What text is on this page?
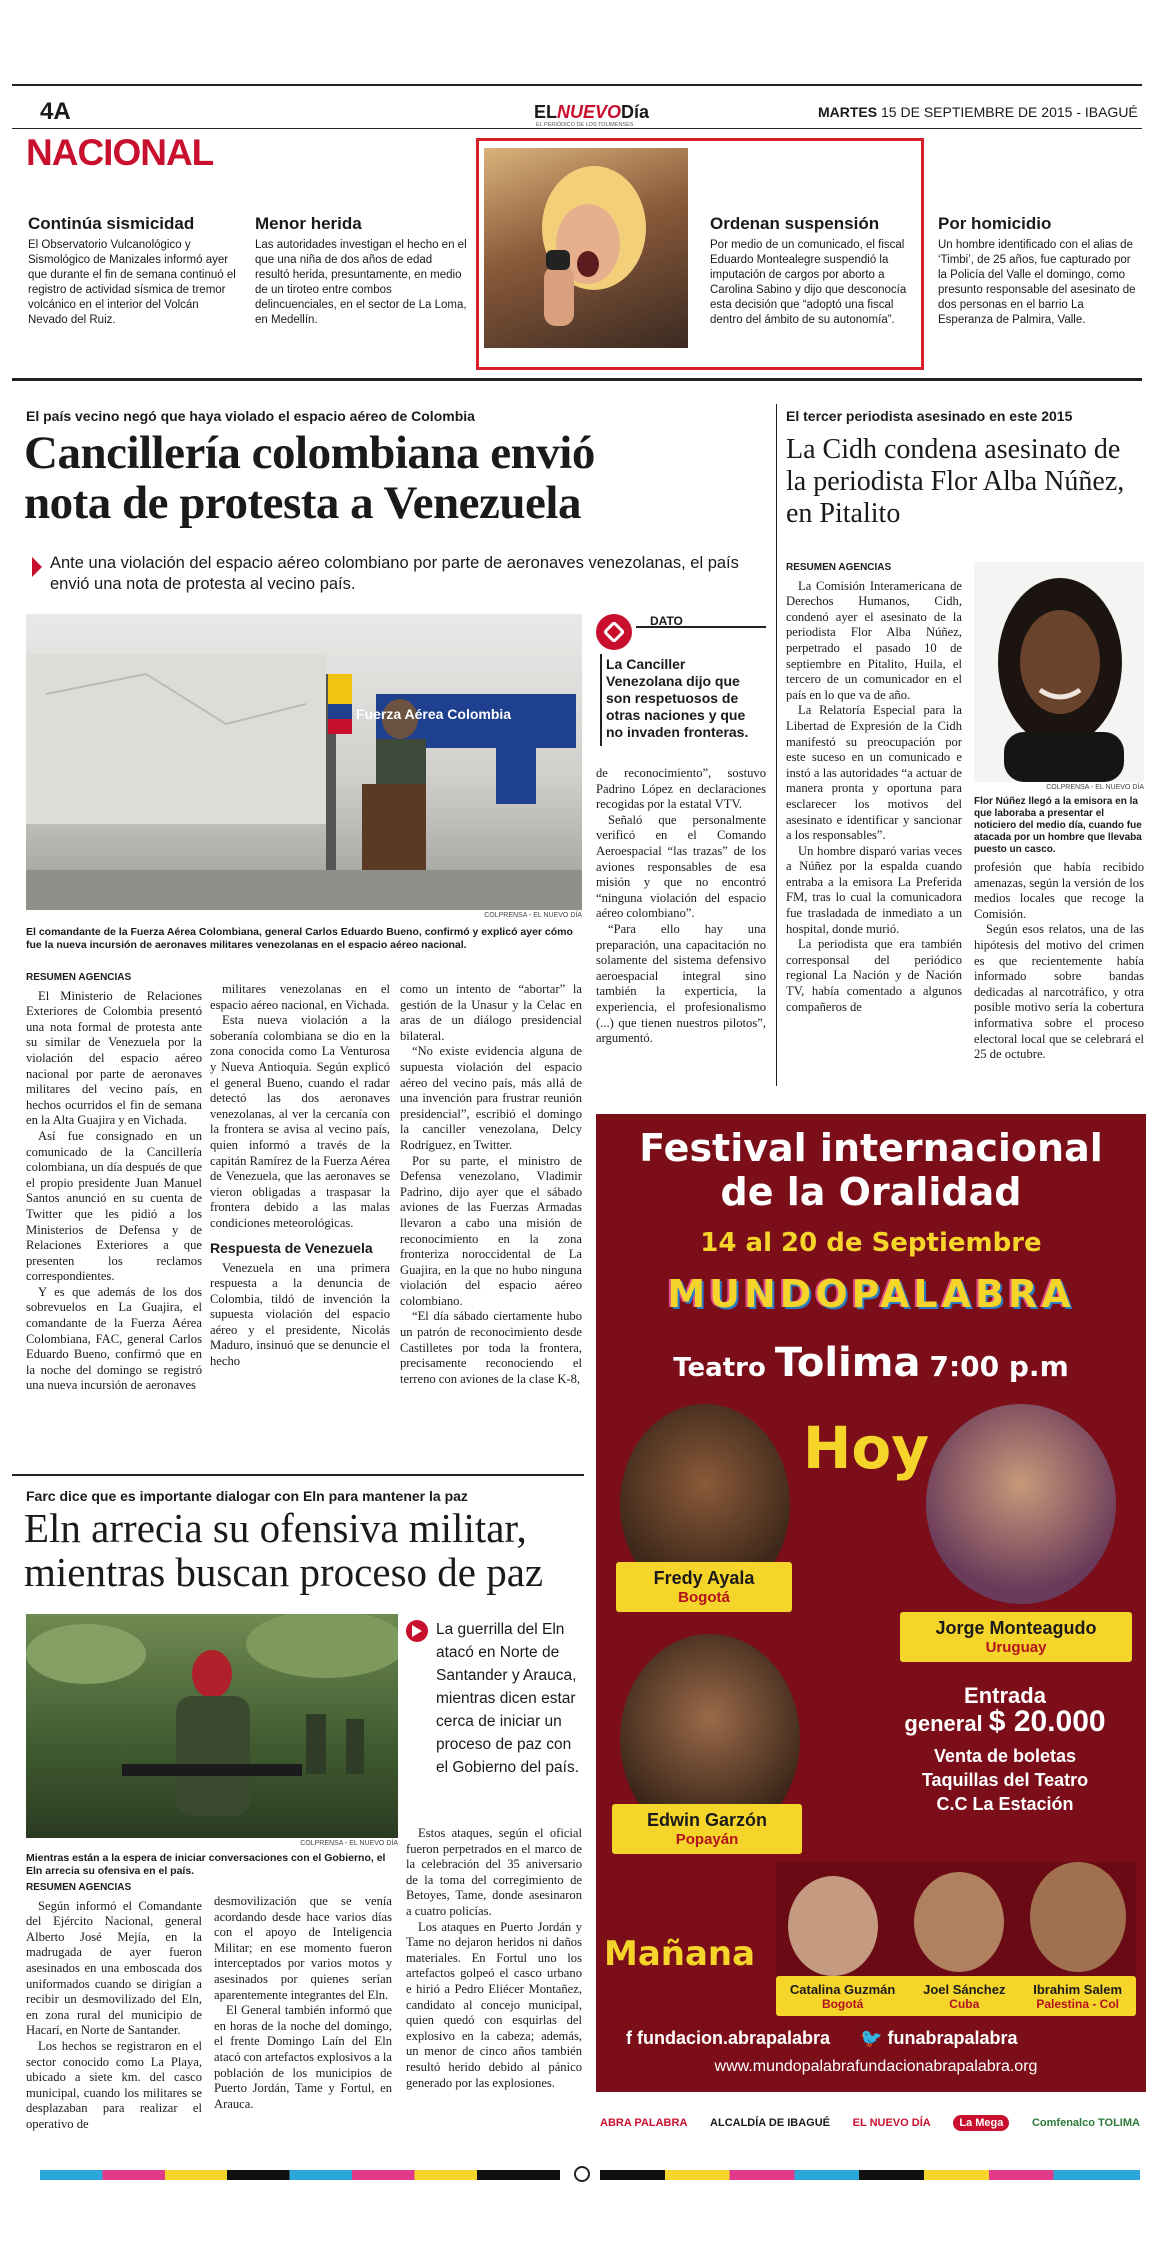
4A	ELNUEVODía
EL PERIÓDICO DE LOS TOLIMENSES
MARTES 15 DE SEPTIEMBRE DE 2015 - IBAGUÉ
NACIONAL
Continúa sismicidad

El Observatorio Vulcanológico y Sismológico de Manizales informó ayer que durante el fin de semana continuó el registro de actividad sísmica de tremor volcánico en el interior del Volcán Nevado del Ruiz.

Menor herida

Las autoridades investigan el hecho en el que una niña de dos años de edad resultó herida, presuntamente, en medio de un tiroteo entre combos delincuenciales, en el sector de La Loma, en Medellín.

Ordenan suspensión

Por medio de un comunicado, el fiscal Eduardo Montealegre suspendió la imputación de cargos por aborto a Carolina Sabino y dijo que desconocía esta decisión que “adoptó una fiscal dentro del ámbito de su autonomía”.

Por homicidio

Un hombre identificado con el alias de ‘Timbi’, de 25 años, fue capturado por la Policía del Valle el domingo, como presunto responsable del asesinato de dos personas en el barrio La Esperanza de Palmira, Valle.

El país vecino negó que haya violado el espacio aéreo de Colombia
Cancillería colombiana envió
nota de protesta a Venezuela
Ante una violación del espacio aéreo colombiano por parte de aeronaves venezolanas, el país envió una nota de protesta al vecino país.
Fuerza Aérea Colombia
COLPRENSA - EL NUEVO DÍA
El comandante de la Fuerza Aérea Colombiana, general Carlos Eduardo Bueno, confirmó y explicó ayer cómo fue la nueva incursión de aeronaves militares venezolanas en el espacio aéreo nacional.
DATO
La Canciller Venezolana dijo que son respetuosos de otras naciones y que no invaden fronteras.
RESUMEN AGENCIAS

El Ministerio de Relaciones Exteriores de Colombia presentó una nota formal de protesta ante su similar de Venezuela por la violación del espacio aéreo nacional por parte de aeronaves militares del vecino país, en hechos ocurridos el fin de semana en la Alta Guajira y en Vichada.

Así fue consignado en un comunicado de la Cancillería colombiana, un día después de que el propio presidente Juan Manuel Santos anunció en su cuenta de Twitter que les pidió a los Ministerios de Defensa y de Relaciones Exteriores a que presenten los reclamos correspondientes.

Y es que además de los dos sobrevuelos en La Guajira, el comandante de la Fuerza Aérea Colombiana, FAC, general Carlos Eduardo Bueno, confirmó que en la noche del domingo se registró una nueva incursión de aeronaves

militares venezolanas en el espacio aéreo nacional, en Vichada.

Esta nueva violación a la soberanía colombiana se dio en la zona conocida como La Venturosa y Nueva Antioquia. Según explicó el general Bueno, cuando el radar detectó las dos aeronaves venezolanas, al ver la cercanía con la frontera se avisa al vecino país, quien informó a través de la capitán Ramírez de la Fuerza Aérea de Venezuela, que las aeronaves se vieron obligadas a traspasar la frontera debido a las malas condiciones meteorológicas.

Respuesta de Venezuela

Venezuela en una primera respuesta a la denuncia de Colombia, tildó de invención la supuesta violación del espacio aéreo y el presidente, Nicolás Maduro, insinuó que se denuncie el hecho

como un intento de “abortar” la gestión de la Unasur y la Celac en aras de un diálogo presidencial bilateral.

“No existe evidencia alguna de supuesta violación del espacio aéreo del vecino país, más allá de una invención para frustrar reunión presidencial”, escribió el domingo la canciller venezolana, Delcy Rodríguez, en Twitter.

Por su parte, el ministro de Defensa venezolano, Vladimir Padrino, dijo ayer que el sábado aviones de las Fuerzas Armadas llevaron a cabo una misión de reconocimiento en la zona fronteriza noroccidental de La Guajira, en la que no hubo ninguna violación del espacio aéreo colombiano.

“El día sábado ciertamente hubo un patrón de reconocimiento desde Castilletes por toda la frontera, precisamente reconociendo el terreno con aviones de la clase K-8,

de reconocimiento”, sostuvo Padrino López en declaraciones recogidas por la estatal VTV.

Señaló que personalmente verificó en el Comando Aeroespacial “las trazas” de los aviones responsables de esa misión y que no encontró “ninguna violación del espacio aéreo colombiano”.

“Para ello hay una preparación, una capacitación no solamente del sistema defensivo aeroespacial integral sino también la experticia, la experiencia, el profesionalismo (...) que tienen nuestros pilotos”, argumentó.

El tercer periodista asesinado en este 2015
La Cidh condena asesinato de la periodista Flor Alba Núñez, en Pitalito
RESUMEN AGENCIAS

La Comisión Interamericana de Derechos Humanos, Cidh, condenó ayer el asesinato de la periodista Flor Alba Núñez, perpetrado el pasado 10 de septiembre en Pitalito, Huila, el tercero de un comunicador en el país en lo que va de año.

La Relatoría Especial para la Libertad de Expresión de la Cidh manifestó su preocupación por este suceso en un comunicado e instó a las autoridades “a actuar de manera pronta y oportuna para esclarecer los motivos del asesinato e identificar y sancionar a los responsables”.

Un hombre disparó varias veces a Núñez por la espalda cuando entraba a la emisora La Preferida FM, tras lo cual la comunicadora fue trasladada de inmediato a un hospital, donde murió.

La periodista que era también corresponsal del periódico regional La Nación y de Nación TV, había comentado a algunos compañeros de

COLPRENSA - EL NUEVO DÍA
Flor Núñez llegó a la emisora en la que laboraba a presentar el noticiero del medio día, cuando fue atacada por un hombre que llevaba puesto un casco.

profesión que había recibido amenazas, según la versión de los medios locales que recoge la Comisión.

Según esos relatos, una de las hipótesis del motivo del crimen es que recientemente había informado sobre bandas dedicadas al narcotráfico, y otra posible motivo sería la cobertura informativa sobre el proceso electoral local que se celebrará el 25 de octubre.

Farc dice que es importante dialogar con Eln para mantener la paz
Eln arrecia su ofensiva militar,
mientras buscan proceso de paz
COLPRENSA - EL NUEVO DÍA
Mientras están a la espera de iniciar conversaciones con el Gobierno, el Eln arrecia su ofensiva en el país.
La guerrilla del Eln atacó en Norte de Santander y Arauca, mientras dicen estar cerca de iniciar un proceso de paz con el Gobierno del país.
RESUMEN AGENCIAS

Según informó el Comandante del Ejército Nacional, general Alberto José Mejía, en la madrugada de ayer fueron asesinados en una emboscada dos uniformados cuando se dirigían a recibir un desmovilizado del Eln, en zona rural del municipio de Hacarí, en Norte de Santander.

Los hechos se registraron en el sector conocido como La Playa, ubicado a siete km. del casco municipal, cuando los militares se desplazaban para realizar el operativo de

desmovilización que se venía acordando desde hace varios días con el apoyo de Inteligencia Militar; en ese momento fueron interceptados por varios motos y asesinados por quienes serían aparentemente integrantes del Eln.

El General también informó que en horas de la noche del domingo, el frente Domingo Laín del Eln atacó con artefactos explosivos a la población de los municipios de Puerto Jordán, Tame y Fortul, en Arauca.

Estos ataques, según el oficial fueron perpetrados en el marco de la celebración del 35 aniversario de la toma del corregimiento de Betoyes, Tame, donde asesinaron a cuatro policías.

Los ataques en Puerto Jordán y Tame no dejaron heridos ni daños materiales. En Fortul uno los artefactos golpeó el casco urbano e hirió a Pedro Eliécer Montañez, candidato al concejo municipal, quien quedó con esquirlas del explosivo en la cabeza; además, un menor de cinco años también resultó herido debido al pánico generado por las explosiones.

Festival internacional
de la Oralidad
14 al 20 de Septiembre
MUNDOPALABRA
Teatro Tolima 7:00 p.m
Hoy
Fredy Ayala
Bogotá
Jorge Monteagudo
Uruguay
Edwin Garzón
Popayán
Entrada
general $ 20.000
Venta de boletas
Taquillas del Teatro
C.C La Estación
Mañana
Catalina Guzmán
Bogotá
Joel Sánchez
Cuba
Ibrahim Salem
Palestina - Col
f fundacion.abrapalabra 🐦 funabrapalabra
www.mundopalabrafundacionabrapalabra.org
ABRA PALABRA ALCALDÍA DE IBAGUÉ EL NUEVO DÍA	La Mega	Comfenalco TOLIMA
